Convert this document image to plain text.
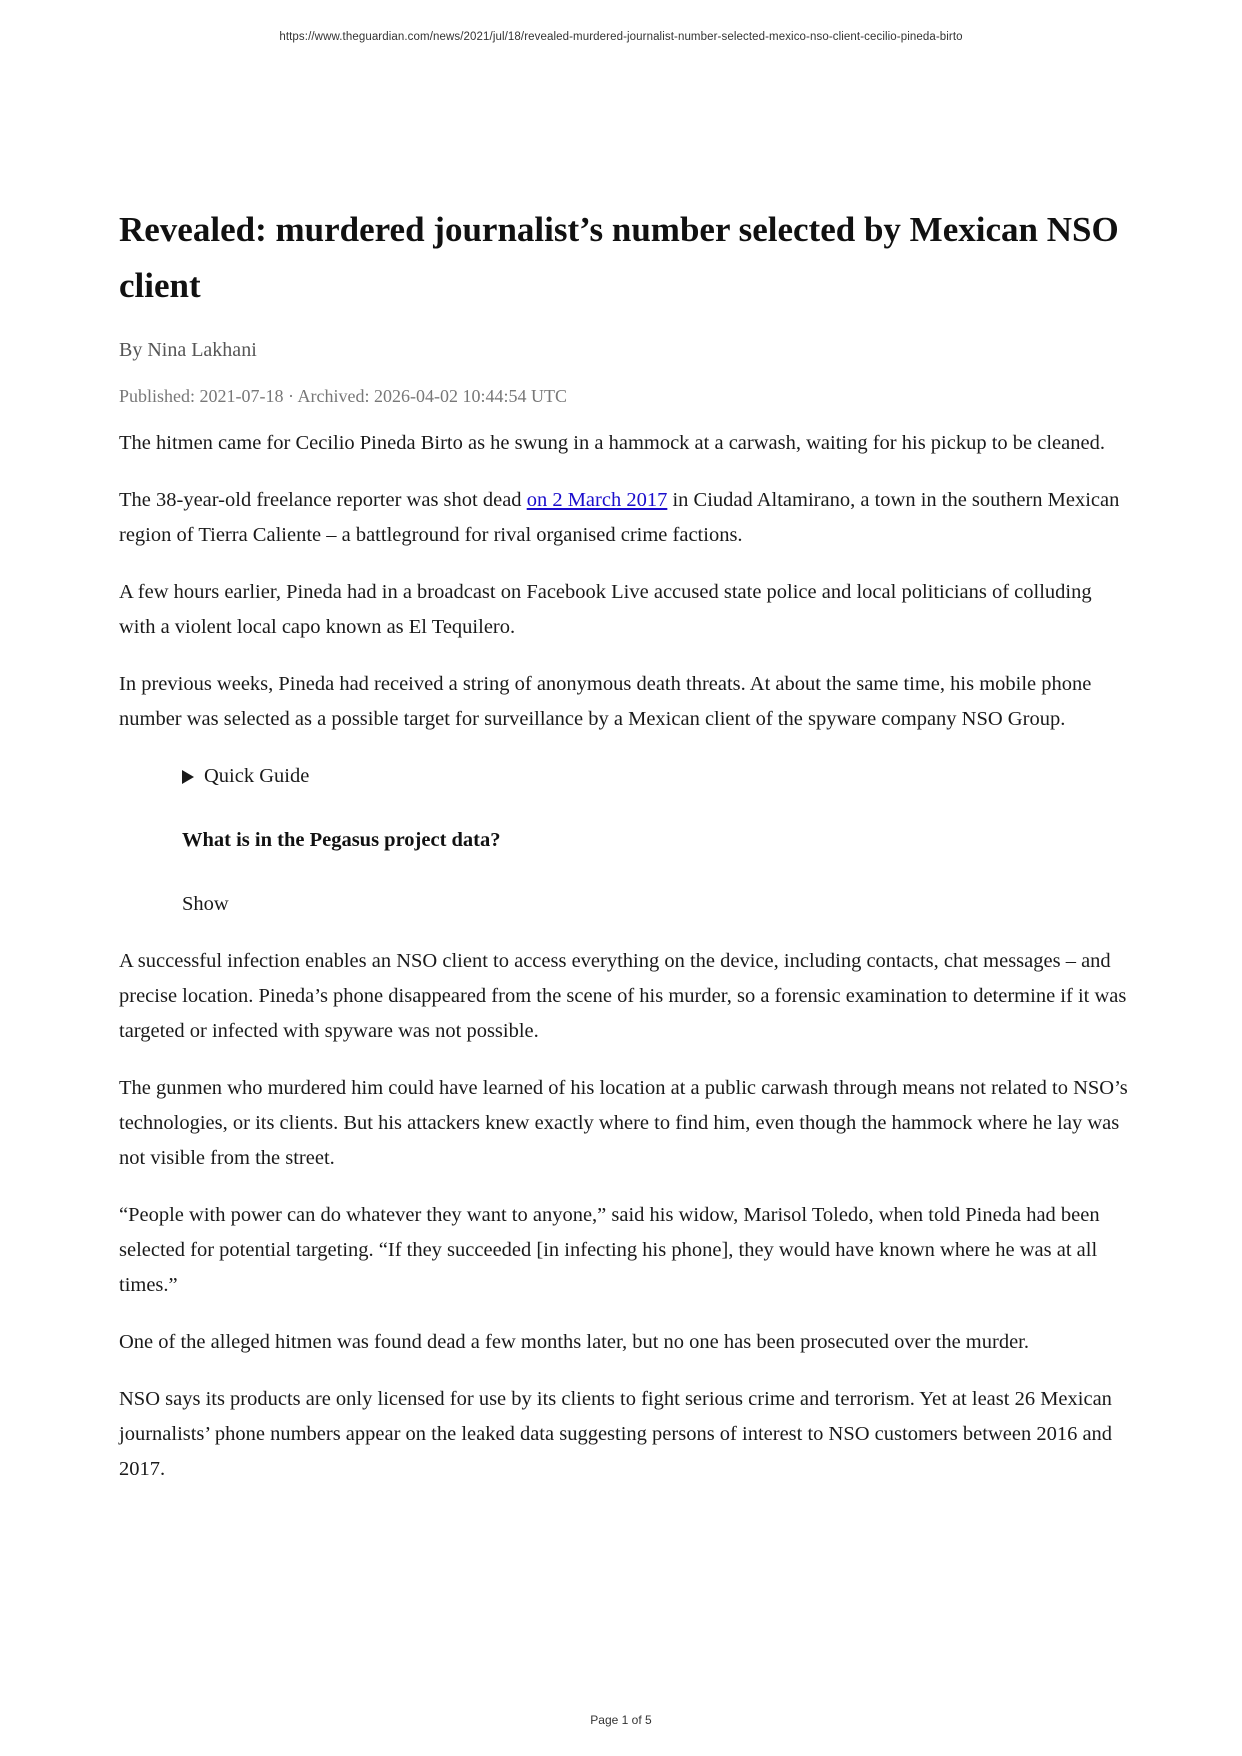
https://www.theguardian.com/news/2021/jul/18/revealed-murdered-journalist-number-selected-mexico-nso-client-cecilio-pineda-birto
Revealed: murdered journalist’s number selected by Mexican NSO client
By Nina Lakhani
Published: 2021-07-18 · Archived: 2026-04-02 10:44:54 UTC

The hitmen came for Cecilio Pineda Birto as he swung in a hammock at a carwash, waiting for his pickup to be cleaned.

The 38-year-old freelance reporter was shot dead on 2 March 2017 in Ciudad Altamirano, a town in the southern Mexican region of Tierra Caliente – a battleground for rival organised crime factions.

A few hours earlier, Pineda had in a broadcast on Facebook Live accused state police and local politicians of colluding with a violent local capo known as El Tequilero.

In previous weeks, Pineda had received a string of anonymous death threats. At about the same time, his mobile phone number was selected as a possible target for surveillance by a Mexican client of the spyware company NSO Group.

Quick Guide
What is in the Pegasus project data?
Show

A successful infection enables an NSO client to access everything on the device, including contacts, chat messages – and precise location. Pineda’s phone disappeared from the scene of his murder, so a forensic examination to determine if it was targeted or infected with spyware was not possible.

The gunmen who murdered him could have learned of his location at a public carwash through means not related to NSO’s technologies, or its clients. But his attackers knew exactly where to find him, even though the hammock where he lay was not visible from the street.

“People with power can do whatever they want to anyone,” said his widow, Marisol Toledo, when told Pineda had been selected for potential targeting. “If they succeeded [in infecting his phone], they would have known where he was at all times.”

One of the alleged hitmen was found dead a few months later, but no one has been prosecuted over the murder.

NSO says its products are only licensed for use by its clients to fight serious crime and terrorism. Yet at least 26 Mexican journalists’ phone numbers appear on the leaked data suggesting persons of interest to NSO customers between 2016 and 2017.

Page 1 of 5
